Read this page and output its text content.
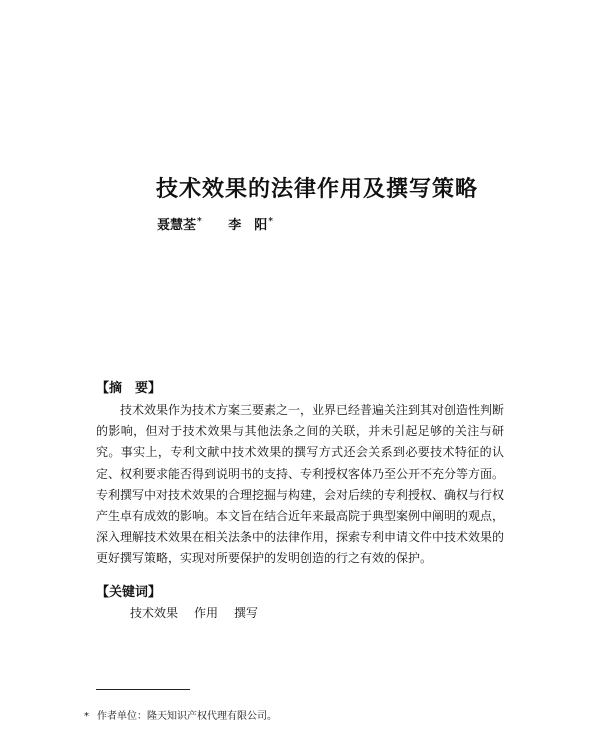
技术效果的法律作用及撰写策略
聂慧荃* 李　阳*
【摘　要】

技术效果作为技术方案三要素之一，业界已经普遍关注到其对创造性判断的影响，但对于技术效果与其他法条之间的关联，并未引起足够的关注与研究。事实上，专利文献中技术效果的撰写方式还会关系到必要技术特征的认定、权利要求能否得到说明书的支持、专利授权客体乃至公开不充分等方面。专利撰写中对技术效果的合理挖掘与构建，会对后续的专利授权、确权与行权产生卓有成效的影响。本文旨在结合近年来最高院于典型案例中阐明的观点，深入理解技术效果在相关法条中的法律作用，探索专利申请文件中技术效果的更好撰写策略，实现对所要保护的发明创造的行之有效的保护。

【关键词】
技术效果 作用 撰写
* 作者单位：隆天知识产权代理有限公司。
